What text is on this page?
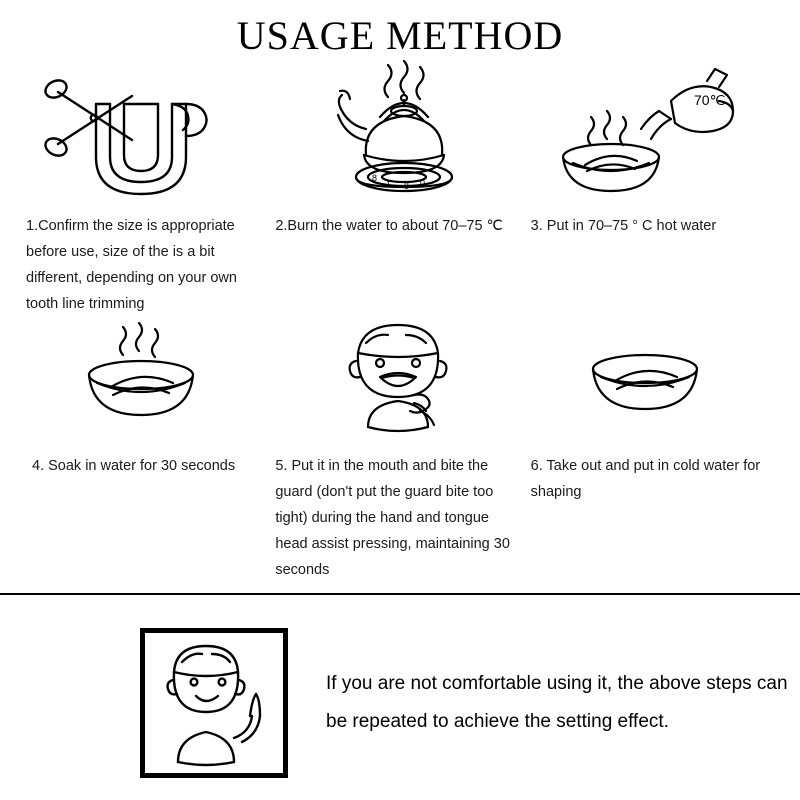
USAGE METHOD
1.Confirm the size is appropriate before use, size of the is a bit different, depending on your own tooth line trimming
8
1 8 0
2.Burn the water to about 70–75 ℃
70℃
3. Put in 70–75 ° C hot water
4. Soak in water for 30 seconds	5. Put it in the mouth and bite the guard (don't put the guard bite too tight) during the hand and tongue head assist pressing, maintaining 30 seconds
6. Take out and put in cold water for shaping
If you are not comfortable using it, the above steps can be repeated to achieve the setting effect.
